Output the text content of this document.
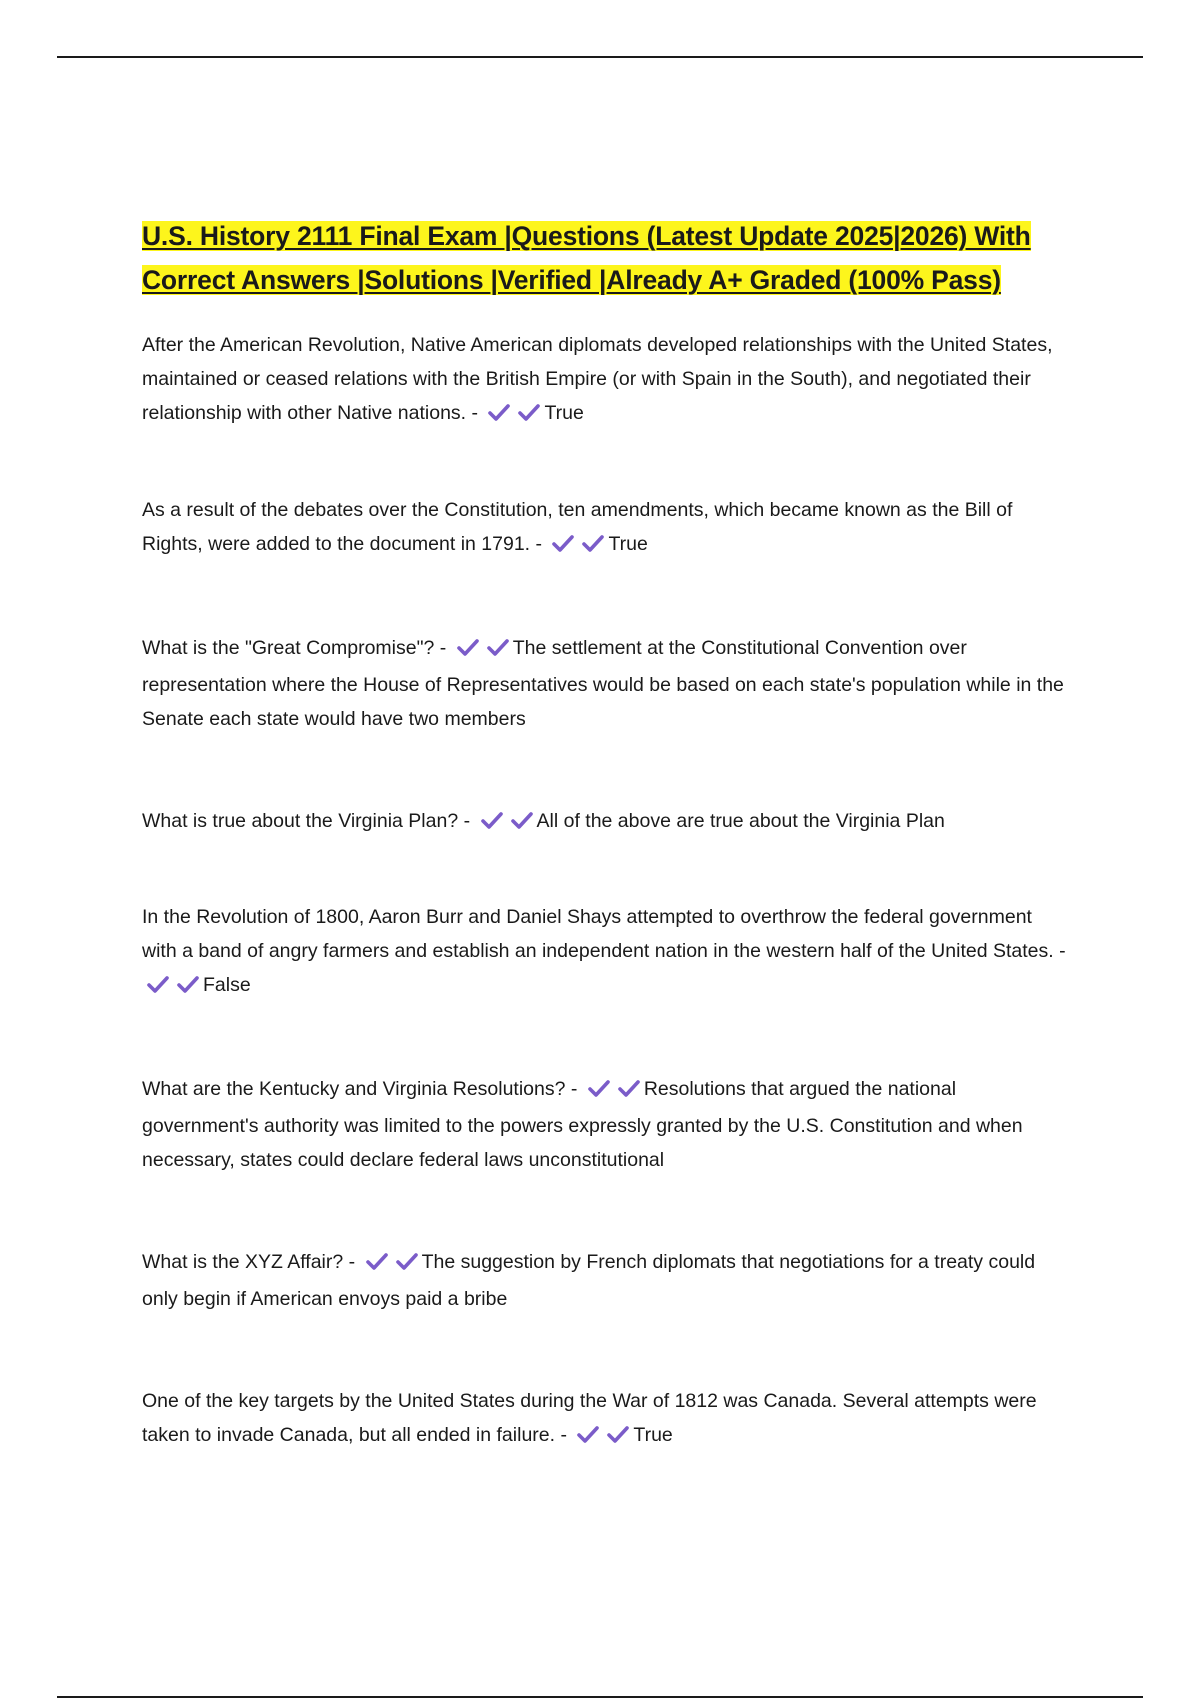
U.S. History 2111 Final Exam |Questions (Latest Update 2025|2026) With Correct Answers |Solutions |Verified |Already A+ Graded (100% Pass)

After the American Revolution, Native American diplomats developed relationships with the United States, maintained or ceased relations with the British Empire (or with Spain in the South), and negotiated their relationship with other Native nations. -	True

As a result of the debates over the Constitution, ten amendments, which became known as the Bill of Rights, were added to the document in 1791. -	True

What is the "Great Compromise"? -	The settlement at the Constitutional Convention over representation where the House of Representatives would be based on each state's population while in the Senate each state would have two members

What is true about the Virginia Plan? -	All of the above are true about the Virginia Plan

In the Revolution of 1800, Aaron Burr and Daniel Shays attempted to overthrow the federal government with a band of angry farmers and establish an independent nation in the western half of the United States. - False

What are the Kentucky and Virginia Resolutions? -	Resolutions that argued the national government's authority was limited to the powers expressly granted by the U.S. Constitution and when necessary, states could declare federal laws unconstitutional

What is the XYZ Affair? -	The suggestion by French diplomats that negotiations for a treaty could only begin if American envoys paid a bribe

One of the key targets by the United States during the War of 1812 was Canada. Several attempts were taken to invade Canada, but all ended in failure. -	True
